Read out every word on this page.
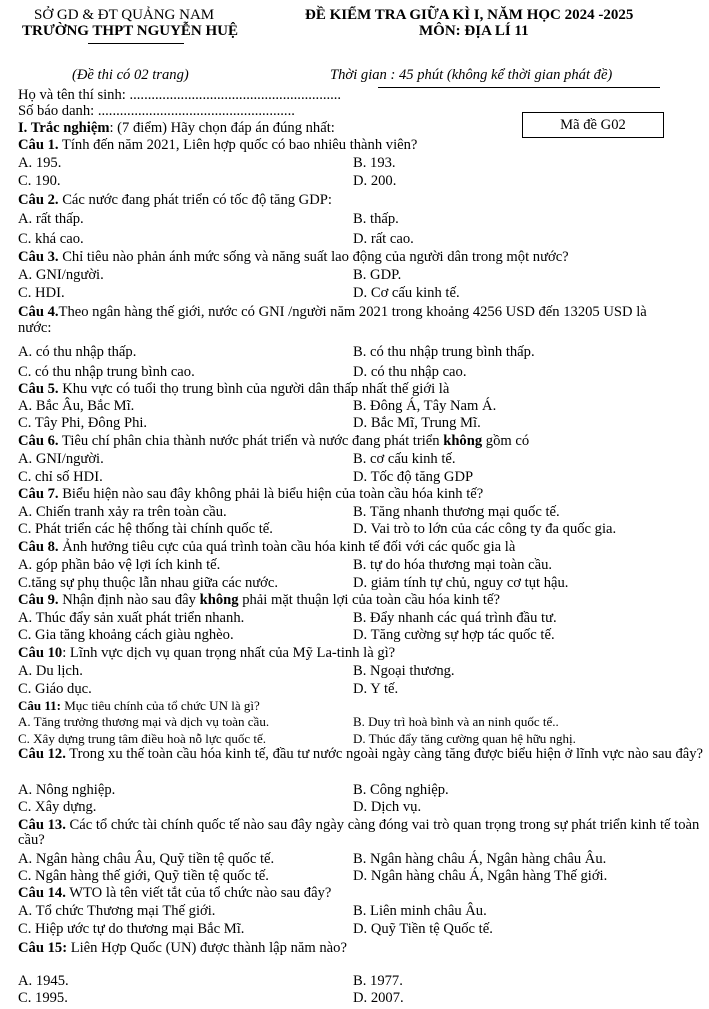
SỞ GD & ĐT QUẢNG NAM
TRƯỜNG THPT NGUYỄN HUỆ
ĐỀ KIỂM TRA GIỮA KÌ I, NĂM HỌC 2024 -2025
MÔN: ĐỊA LÍ 11
(Đề thi có 02 trang)	Thời gian : 45 phút (không kể thời gian phát đề)
Họ và tên thí sinh: ..........................................................
Số báo danh: ......................................................
Mã đề G02
I. Trắc nghiệm: (7 điểm) Hãy chọn đáp án đúng nhất:
Câu 1. Tính đến năm 2021, Liên hợp quốc có bao nhiêu thành viên?
A. 195.	B. 193.
C. 190.	D. 200.
Câu 2. Các nước đang phát triển có tốc độ tăng GDP:
A. rất thấp.	B. thấp.
C. khá cao.	D. rất cao.
Câu 3. Chỉ tiêu nào phản ánh mức sống và năng suất lao động của người dân trong một nước?
A. GNI/người.	B. GDP.
C. HDI.	D. Cơ cấu kinh tế.
Câu 4.Theo ngân hàng thế giới, nước có GNI /người năm 2021 trong khoảng 4256 USD đến 13205 USD là nước:
A. có thu nhập thấp.	B. có thu nhập trung bình thấp.
C. có thu nhập trung bình cao.	D. có thu nhập cao.
Câu 5. Khu vực có tuổi thọ trung bình của người dân thấp nhất thế giới là
A. Bắc Âu, Bắc Mĩ.	B. Đông Á, Tây Nam Á.
C. Tây Phi, Đông Phi.	D. Bắc Mĩ, Trung Mĩ.
Câu 6. Tiêu chí phân chia thành nước phát triển và nước đang phát triển không gồm có
A. GNI/người.	B. cơ cấu kinh tế.
C. chỉ số HDI.	D. Tốc độ tăng GDP
Câu 7. Biểu hiện nào sau đây không phải là biểu hiện của toàn cầu hóa kinh tế?
A. Chiến tranh xảy ra trên toàn cầu.	B. Tăng nhanh thương mại quốc tế.
C. Phát triển các hệ thống tài chính quốc tế.	D. Vai trò to lớn của các công ty đa quốc gia.
Câu 8. Ảnh hưởng tiêu cực của quá trình toàn cầu hóa kinh tế đối với các quốc gia là
A. góp phần bảo vệ lợi ích kinh tế.	B. tự do hóa thương mại toàn cầu.
C.tăng sự phụ thuộc lẫn nhau giữa các nước.	D. giảm tính tự chủ, nguy cơ tụt hậu.
Câu 9. Nhận định nào sau đây không phải mặt thuận lợi của toàn cầu hóa kinh tế?
A. Thúc đẩy sản xuất phát triển nhanh.	B. Đẩy nhanh các quá trình đầu tư.
C. Gia tăng khoảng cách giàu nghèo.	D. Tăng cường sự hợp tác quốc tế.
Câu 10: Lĩnh vực dịch vụ quan trọng nhất của Mỹ La-tinh là gì?
A. Du lịch.	B. Ngoại thương.
C. Giáo dục.	D. Y tế.
Câu 11: Mục tiêu chính của tổ chức UN là gì?
A. Tăng trưởng thương mại và dịch vụ toàn cầu.	B. Duy trì hoà bình và an ninh quốc tế..
C. Xây dựng trung tâm điều hoà nỗ lực quốc tế.	D. Thúc đẩy tăng cường quan hệ hữu nghị.
Câu 12. Trong xu thế toàn cầu hóa kinh tế, đầu tư nước ngoài ngày càng tăng được biểu hiện ở lĩnh vực nào sau đây?
A. Nông nghiệp.	B. Công nghiệp.
C. Xây dựng.	D. Dịch vụ.
Câu 13. Các tổ chức tài chính quốc tế nào sau đây ngày càng đóng vai trò quan trọng trong sự phát triển kinh tế toàn cầu?
A. Ngân hàng châu Âu, Quỹ tiền tệ quốc tế.	B. Ngân hàng châu Á, Ngân hàng châu Âu.
C. Ngân hàng thế giới, Quỹ tiền tệ quốc tế.	D. Ngân hàng châu Á, Ngân hàng Thế giới.
Câu 14. WTO là tên viết tắt của tổ chức nào sau đây?
A. Tổ chức Thương mại Thế giới.	B. Liên minh châu Âu.
C. Hiệp ước tự do thương mại Bắc Mĩ.	D. Quỹ Tiền tệ Quốc tế.
Câu 15: Liên Hợp Quốc (UN) được thành lập năm nào?
A. 1945.	B. 1977.
C. 1995.	D. 2007.
